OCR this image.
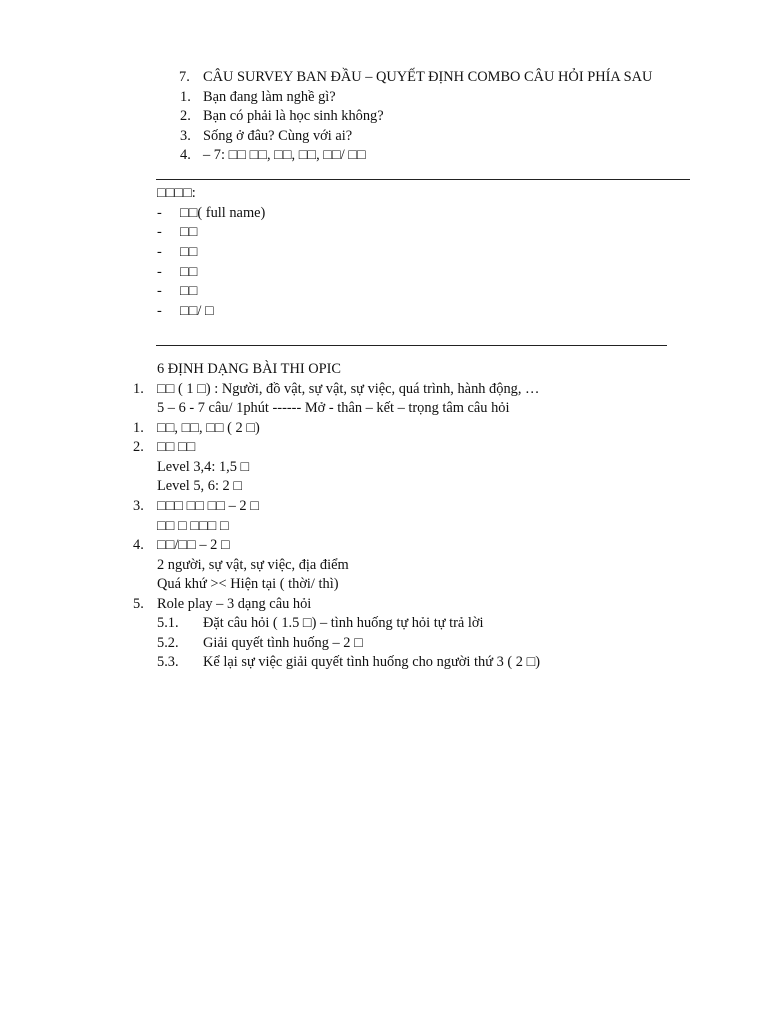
7. CÂU SURVEY BAN ĐẦU – QUYẾT ĐỊNH COMBO CÂU HỎI PHÍA SAU
1. Bạn đang làm nghề gì?
2. Bạn có phải là học sinh không?
3. Sống ở đâu? Cùng với ai?
4. – 7: □□ □□, □□, □□, □□/ □□
□□□□:
- □□( full name)
- □□
- □□
- □□
- □□
- □□/ □
6 ĐỊNH DẠNG BÀI THI OPIC
1. □□ ( 1 □) : Người, đồ vật, sự vật, sự việc, quá trình, hành động, …
5 – 6 - 7 câu/ 1phút ------ Mở - thân – kết – trọng tâm câu hỏi
1. □□, □□, □□ ( 2 □)
2. □□ □□
Level 3,4: 1,5 □
Level 5, 6: 2 □
3. □□□ □□ □□ – 2 □
□□ □ □□□ □
4. □□/□□ – 2 □
2 người, sự vật, sự việc, địa điểm
Quá khứ >< Hiện tại ( thời/ thì)
5. Role play – 3 dạng câu hỏi
5.1. Đặt câu hỏi ( 1.5 □) – tình huống tự hỏi tự trả lời
5.2. Giải quyết tình huống – 2 □
5.3. Kể lại sự việc giải quyết tình huống cho người thứ 3 ( 2 □)
